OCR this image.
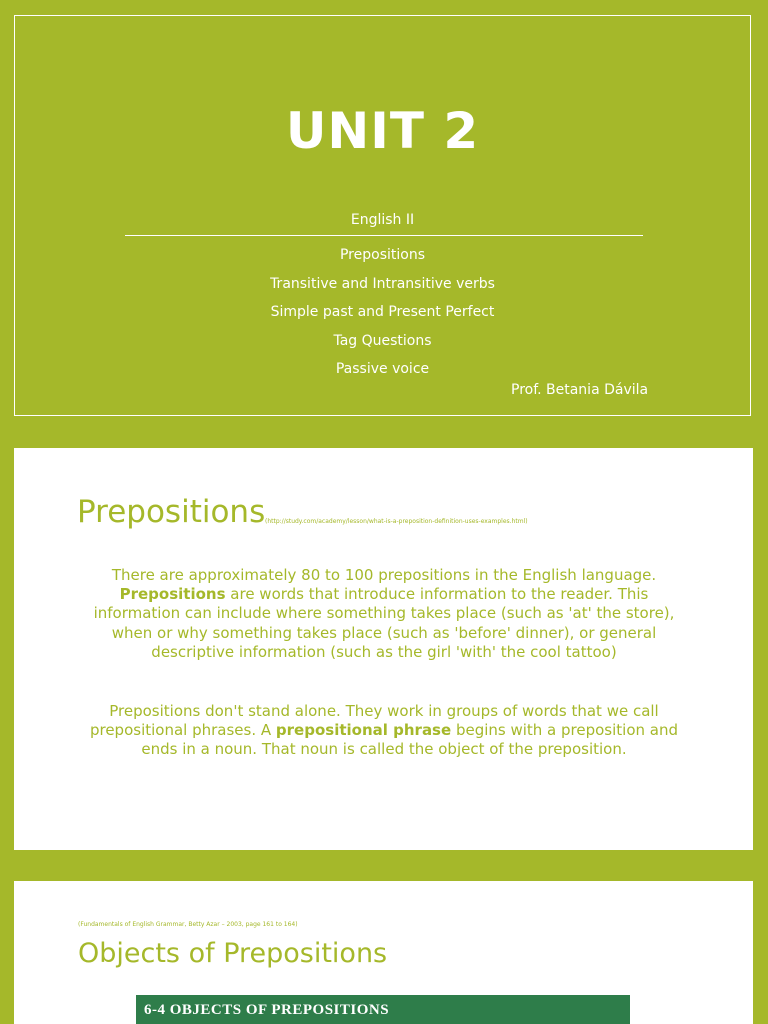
UNIT 2
English II
Prepositions
Transitive and Intransitive verbs
Simple past and Present Perfect
Tag Questions
Passive voice
Prof. Betania Dávila
Prepositions (http://study.com/academy/lesson/what-is-a-preposition-definition-uses-examples.html)
There are approximately 80 to 100 prepositions in the English language. Prepositions are words that introduce information to the reader. This information can include where something takes place (such as 'at' the store), when or why something takes place (such as 'before' dinner), or general descriptive information (such as the girl 'with' the cool tattoo)
Prepositions don't stand alone. They work in groups of words that we call prepositional phrases. A prepositional phrase begins with a preposition and ends in a noun. That noun is called the object of the preposition.
(Fundamentals of English Grammar, Betty Azar – 2003, page 161 to 164)
Objects of Prepositions
6-4 OBJECTS OF PREPOSITIONS
